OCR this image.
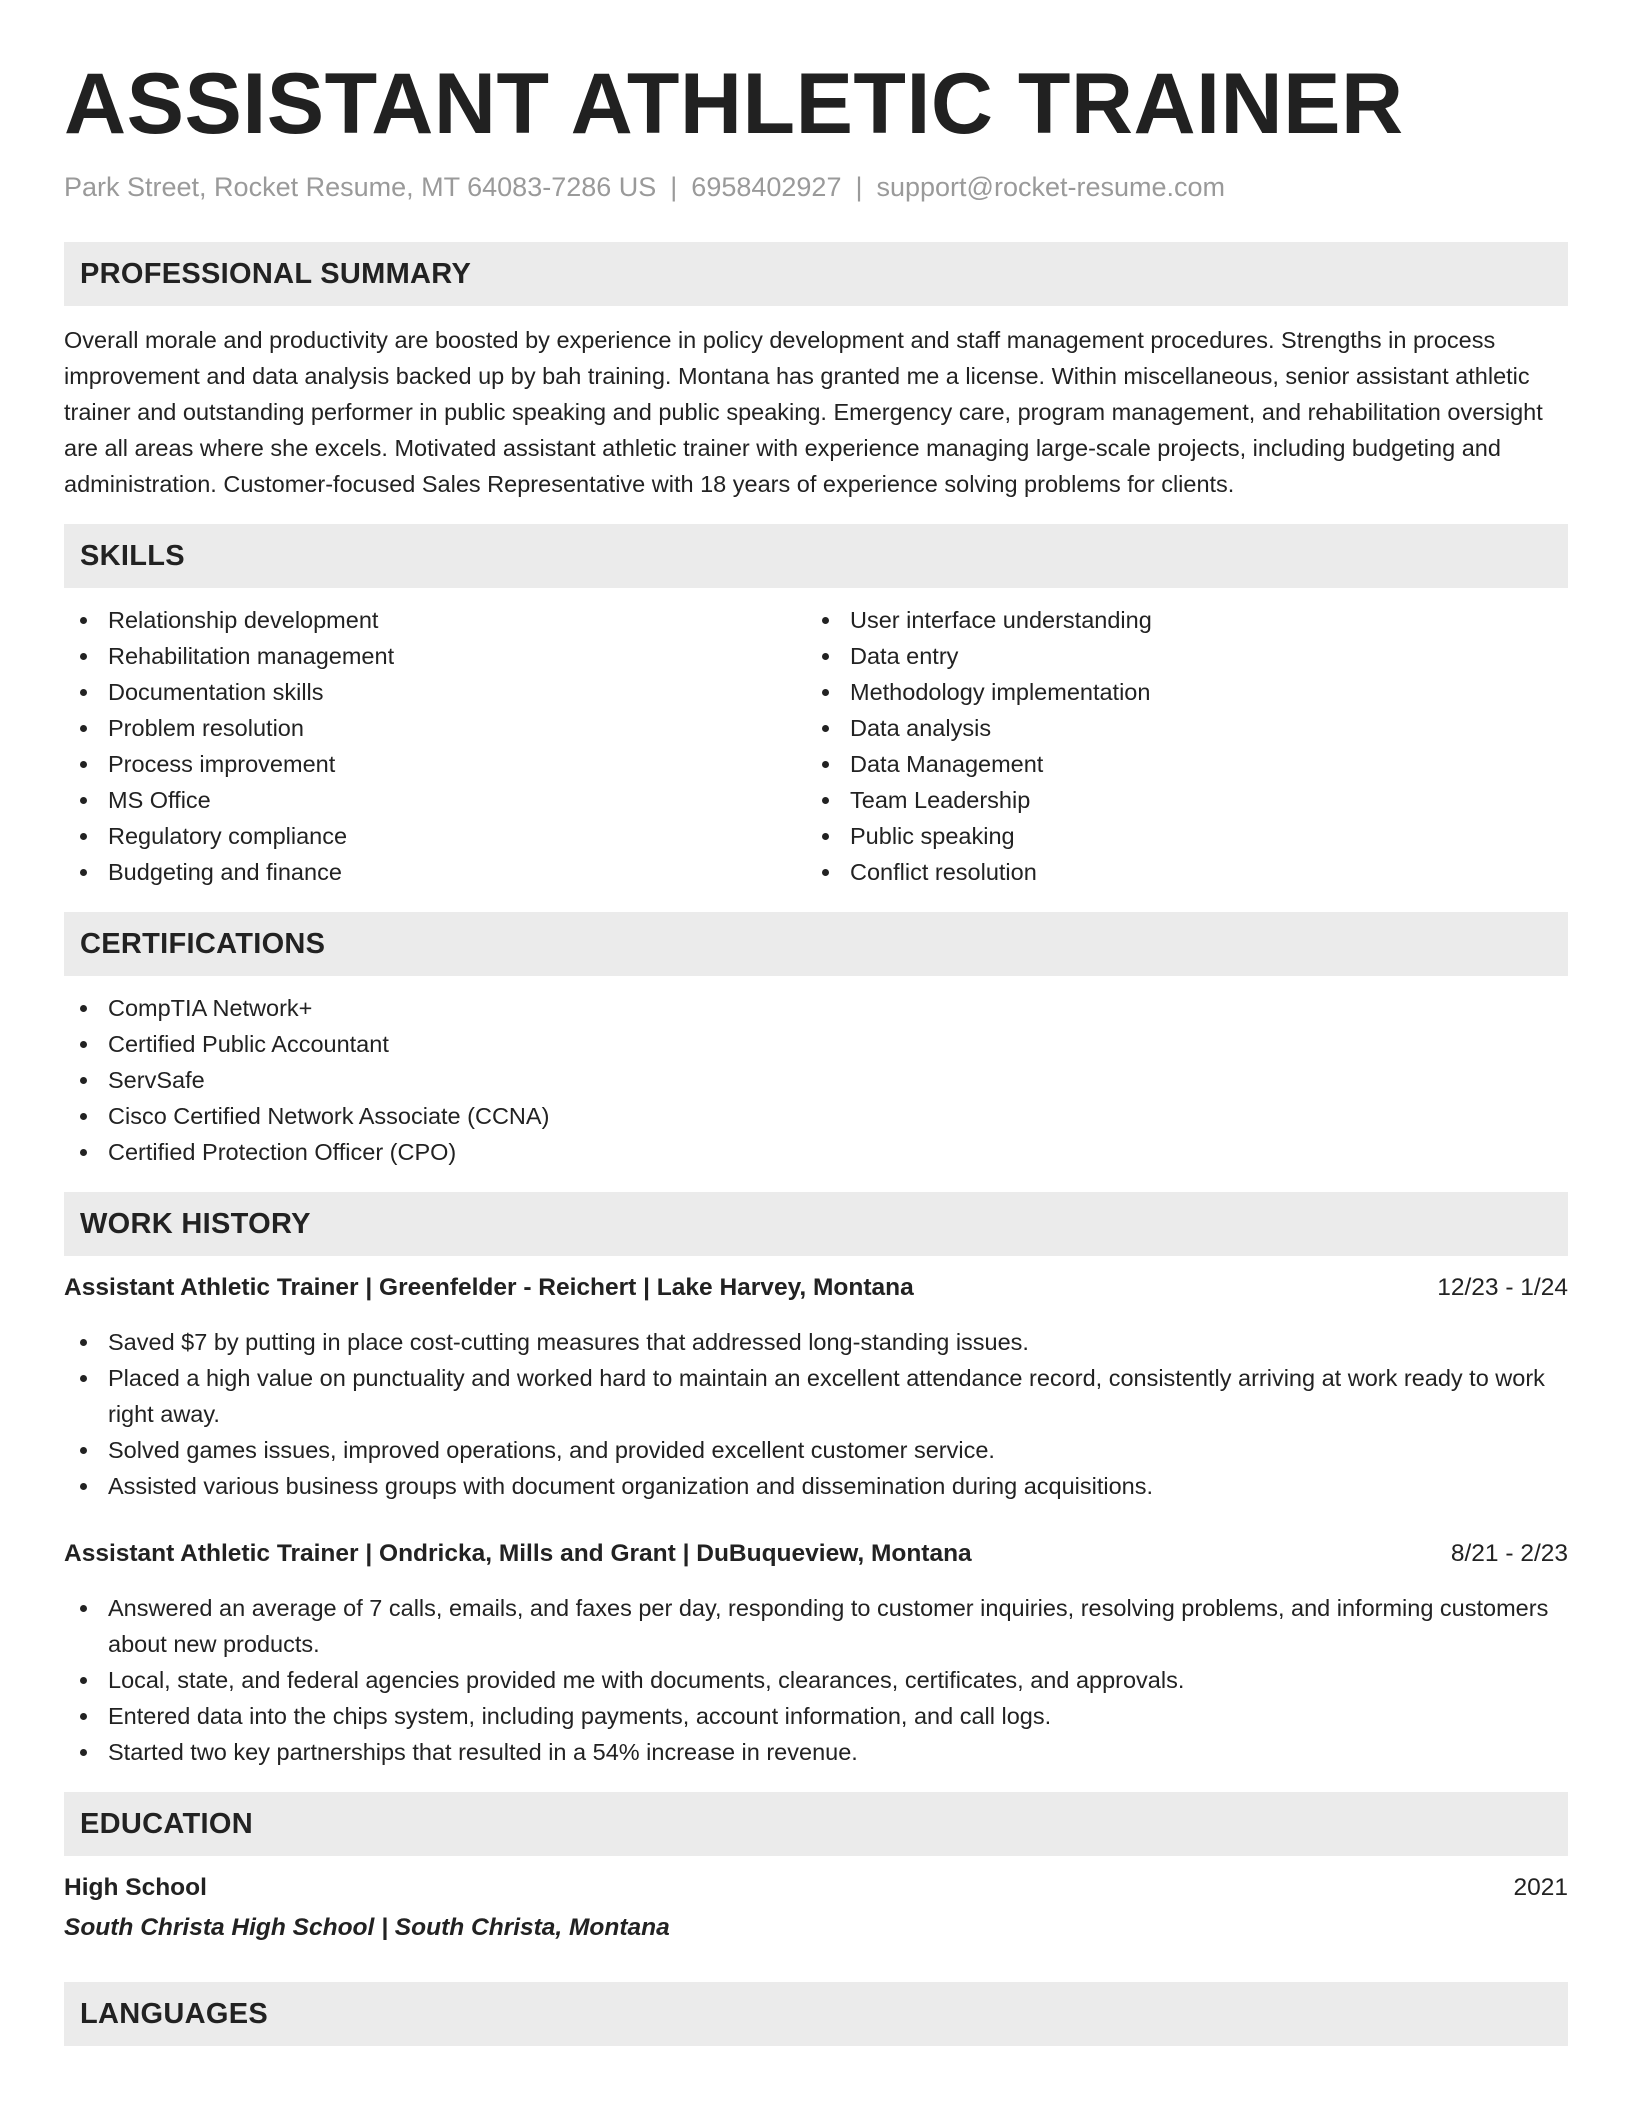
ASSISTANT ATHLETIC TRAINER
Park Street, Rocket Resume, MT 64083-7286 US | 6958402927 | support@rocket-resume.com
PROFESSIONAL SUMMARY

Overall morale and productivity are boosted by experience in policy development and staff management procedures. Strengths in process improvement and data analysis backed up by bah training. Montana has granted me a license. Within miscellaneous, senior assistant athletic trainer and outstanding performer in public speaking and public speaking. Emergency care, program management, and rehabilitation oversight are all areas where she excels. Motivated assistant athletic trainer with experience managing large-scale projects, including budgeting and administration. Customer-focused Sales Representative with 18 years of experience solving problems for clients.

SKILLS
Relationship development
Rehabilitation management
Documentation skills
Problem resolution
Process improvement
MS Office
Regulatory compliance
Budgeting and finance
User interface understanding
Data entry
Methodology implementation
Data analysis
Data Management
Team Leadership
Public speaking
Conflict resolution
CERTIFICATIONS
CompTIA Network+
Certified Public Accountant
ServSafe
Cisco Certified Network Associate (CCNA)
Certified Protection Officer (CPO)
WORK HISTORY
Assistant Athletic Trainer | Greenfelder - Reichert | Lake Harvey, Montana	12/23 - 1/24
Saved $7 by putting in place cost-cutting measures that addressed long-standing issues.
Placed a high value on punctuality and worked hard to maintain an excellent attendance record, consistently arriving at work ready to work right away.
Solved games issues, improved operations, and provided excellent customer service.
Assisted various business groups with document organization and dissemination during acquisitions.
Assistant Athletic Trainer | Ondricka, Mills and Grant | DuBuqueview, Montana	8/21 - 2/23
Answered an average of 7 calls, emails, and faxes per day, responding to customer inquiries, resolving problems, and informing customers about new products.
Local, state, and federal agencies provided me with documents, clearances, certificates, and approvals.
Entered data into the chips system, including payments, account information, and call logs.
Started two key partnerships that resulted in a 54% increase in revenue.
EDUCATION
High School	2021
South Christa High School | South Christa, Montana
LANGUAGES
